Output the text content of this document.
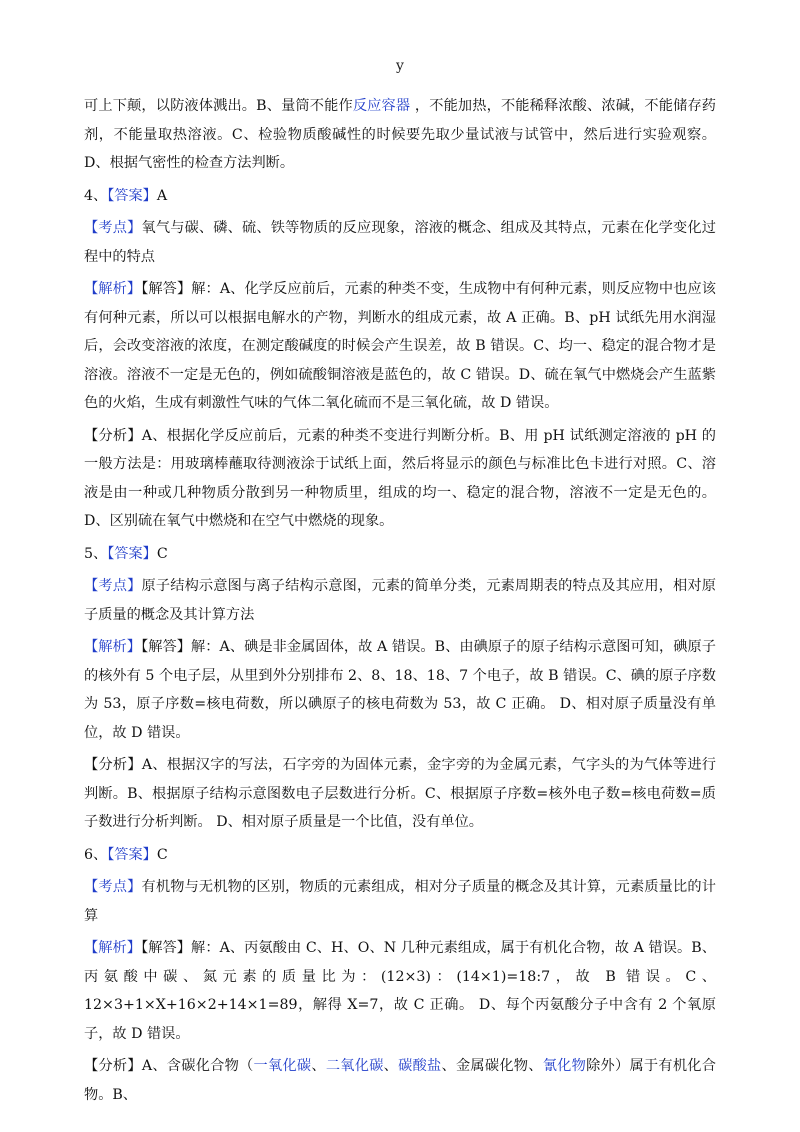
y

可上下颠，以防液体溅出。B、量筒不能作反应容器 ，不能加热，不能稀释浓酸、浓碱，不能储存药剂，不能量取热溶液。C、检验物质酸碱性的时候要先取少量试液与试管中，然后进行实验观察。D、根据气密性的检查方法判断。

4、【答案】A

【考点】氧气与碳、磷、硫、铁等物质的反应现象，溶液的概念、组成及其特点，元素在化学变化过程中的特点

【解析】【解答】解：A、化学反应前后，元素的种类不变，生成物中有何种元素，则反应物中也应该有何种元素，所以可以根据电解水的产物，判断水的组成元素，故 A 正确。B、pH 试纸先用水润湿后，会改变溶液的浓度，在测定酸碱度的时候会产生误差，故 B 错误。C、均一、稳定的混合物才是溶液。溶液不一定是无色的，例如硫酸铜溶液是蓝色的，故 C 错误。D、硫在氧气中燃烧会产生蓝紫色的火焰，生成有刺激性气味的气体二氧化硫而不是三氧化硫，故 D 错误。

【分析】A、根据化学反应前后，元素的种类不变进行判断分析。B、用 pH 试纸测定溶液的 pH 的一般方法是：用玻璃棒蘸取待测液涂于试纸上面，然后将显示的颜色与标准比色卡进行对照。C、溶液是由一种或几种物质分散到另一种物质里，组成的均一、稳定的混合物，溶液不一定是无色的。D、区别硫在氧气中燃烧和在空气中燃烧的现象。

5、【答案】C

【考点】原子结构示意图与离子结构示意图，元素的简单分类，元素周期表的特点及其应用，相对原子质量的概念及其计算方法

【解析】【解答】解：A、碘是非金属固体，故 A 错误。B、由碘原子的原子结构示意图可知，碘原子的核外有 5 个电子层，从里到外分别排布 2、8、18、18、7 个电子，故 B 错误。C、碘的原子序数为 53，原子序数=核电荷数，所以碘原子的核电荷数为 53，故 C 正确。 D、相对原子质量没有单位，故 D 错误。

【分析】A、根据汉字的写法，石字旁的为固体元素，金字旁的为金属元素，气字头的为气体等进行判断。B、根据原子结构示意图数电子层数进行分析。C、根据原子序数=核外电子数=核电荷数=质子数进行分析判断。 D、相对原子质量是一个比值，没有单位。

6、【答案】C

【考点】有机物与无机物的区别，物质的元素组成，相对分子质量的概念及其计算，元素质量比的计算

【解析】【解答】解：A、丙氨酸由 C、H、O、N 几种元素组成，属于有机化合物，故 A 错误。B、丙氨酸中碳、氮元素的质量比为：(12×3)：(14×1)=18:7，故 B 错误。C、12×3+1×X+16×2+14×1=89，解得 X=7，故 C 正确。 D、每个丙氨酸分子中含有 2 个氧原子，故 D 错误。

【分析】A、含碳化合物（一氧化碳、二氧化碳、碳酸盐、金属碳化物、氰化物除外）属于有机化合物。B、
